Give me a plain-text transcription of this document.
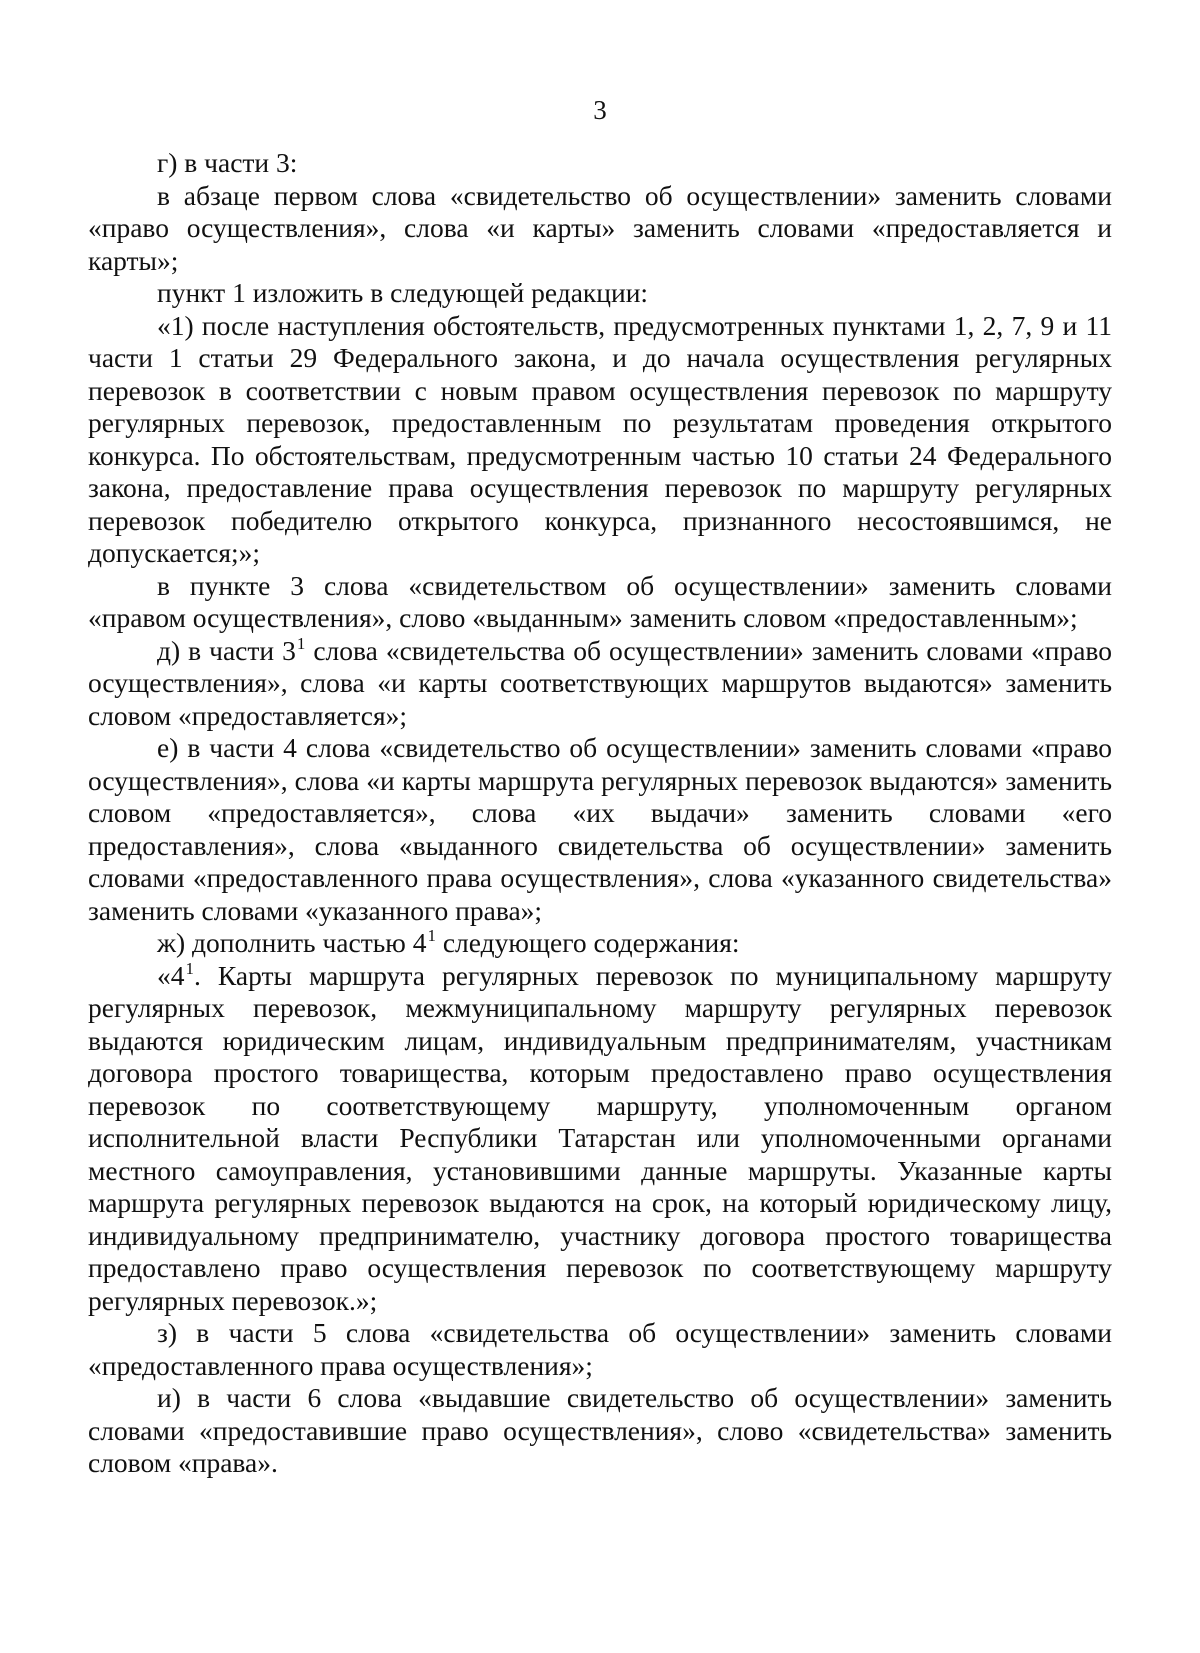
3

г) в части 3:

в абзаце первом слова «свидетельство об осуществлении» заменить словами «право осуществления», слова «и карты» заменить словами «предоставляется и карты»;

пункт 1 изложить в следующей редакции:

«1) после наступления обстоятельств, предусмотренных пунктами 1, 2, 7, 9 и 11 части 1 статьи 29 Федерального закона, и до начала осуществления регулярных перевозок в соответствии с новым правом осуществления перевозок по маршруту регулярных перевозок, предоставленным по результатам проведения открытого конкурса. По обстоятельствам, предусмотренным частью 10 статьи 24 Федерального закона, предоставление права осуществления перевозок по маршруту регулярных перевозок победителю открытого конкурса, признанного несостоявшимся, не допускается;»;

в пункте 3 слова «свидетельством об осуществлении» заменить словами «правом осуществления», слово «выданным» заменить словом «предоставленным»;

д) в части $3^1$ слова «свидетельства об осуществлении» заменить словами «право осуществления», слова «и карты соответствующих маршрутов выдаются» заменить словом «предоставляется»;

е) в части 4 слова «свидетельство об осуществлении» заменить словами «право осуществления», слова «и карты маршрута регулярных перевозок выдаются» заменить словом «предоставляется», слова «их выдачи» заменить словами «его предоставления», слова «выданного свидетельства об осуществлении» заменить словами «предоставленного права осуществления», слова «указанного свидетельства» заменить словами «указанного права»;

ж) дополнить частью $4^1$ следующего содержания:

«$4^1$. Карты маршрута регулярных перевозок по муниципальному маршруту регулярных перевозок, межмуниципальному маршруту регулярных перевозок выдаются юридическим лицам, индивидуальным предпринимателям, участникам договора простого товарищества, которым предоставлено право осуществления перевозок по соответствующему маршруту, уполномоченным органом исполнительной власти Республики Татарстан или уполномоченными органами местного самоуправления, установившими данные маршруты. Указанные карты маршрута регулярных перевозок выдаются на срок, на который юридическому лицу, индивидуальному предпринимателю, участнику договора простого товарищества предоставлено право осуществления перевозок по соответствующему маршруту регулярных перевозок.»;

з) в части 5 слова «свидетельства об осуществлении» заменить словами «предоставленного права осуществления»;

и) в части 6 слова «выдавшие свидетельство об осуществлении» заменить словами «предоставившие право осуществления», слово «свидетельства» заменить словом «права».
